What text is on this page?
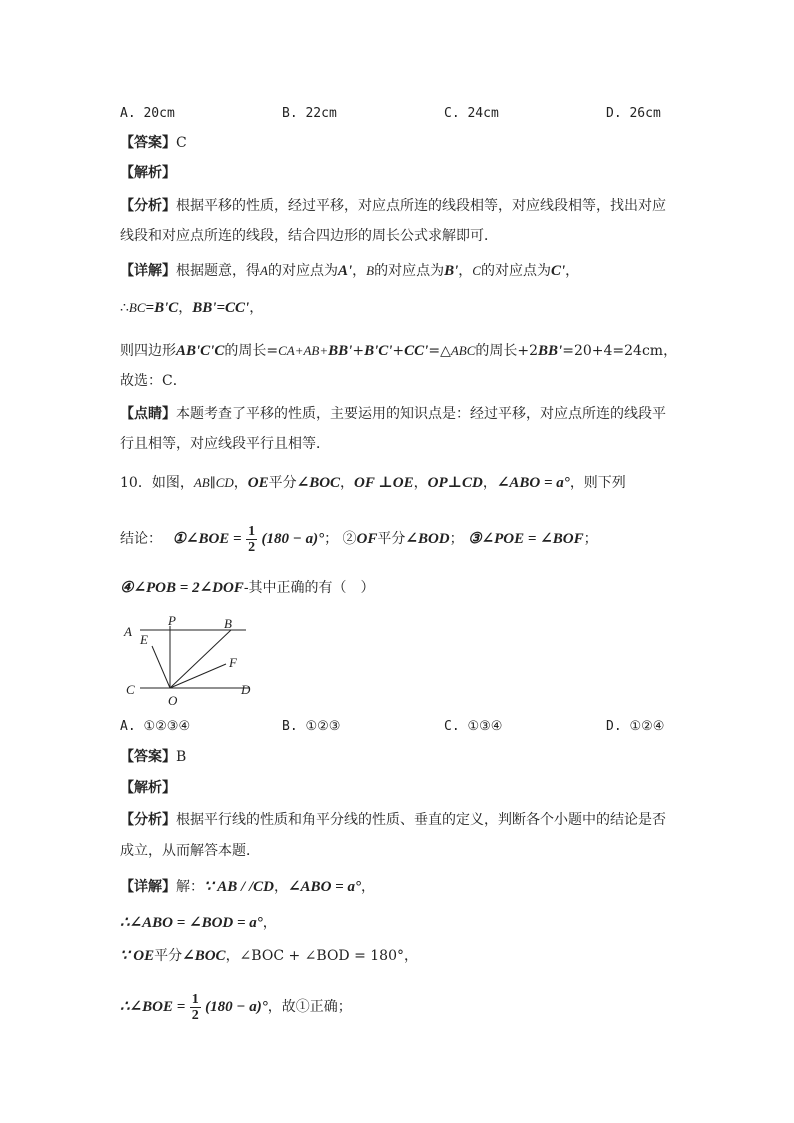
A. 20cm	B. 22cm	C. 24cm	D. 26cm
【答案】C
【解析】
【分析】根据平移的性质，经过平移，对应点所连的线段相等，对应线段相等，找出对应
线段和对应点所连的线段，结合四边形的周长公式求解即可．
【详解】根据题意，得A的对应点为A'，B的对应点为B'，C的对应点为C'，
∴BC=B'C，BB'=CC'，
则四边形AB'C'C的周长=CA+AB+BB'+B'C'+CC'=△ABC的周长+2BB'=20+4=24cm，
故选：C．
【点睛】本题考查了平移的性质，主要运用的知识点是：经过平移，对应点所连的线段平
行且相等，对应线段平行且相等．
10．如图，AB∥CD，OE平分∠BOC，OF ⊥OE，OP⊥CD，∠ABO = a°，则下列
结论： ①∠BOE = $\frac{1}{2} (180 - a)^\circ$； ②OF平分∠BOD； ③∠POE = ∠BOF；
④∠POB = 2∠DOF-其中正确的有（　）
A
E
P	B
F
C
O
D
A. ①②③④	B. ①②③	C. ①③④	D. ①②④
【答案】B
【解析】
【分析】根据平行线的性质和角平分线的性质、垂直的定义，判断各个小题中的结论是否
成立，从而解答本题．
【详解】解：∵ AB / /CD，∠ABO = a°，
∴∠ABO = ∠BOD = a°，
∵ OE平分∠BOC，∠BOC + ∠BOD = 180°，
∴∠BOE = $\frac{1}{2} (180 - a)^\circ$，故①正确；
